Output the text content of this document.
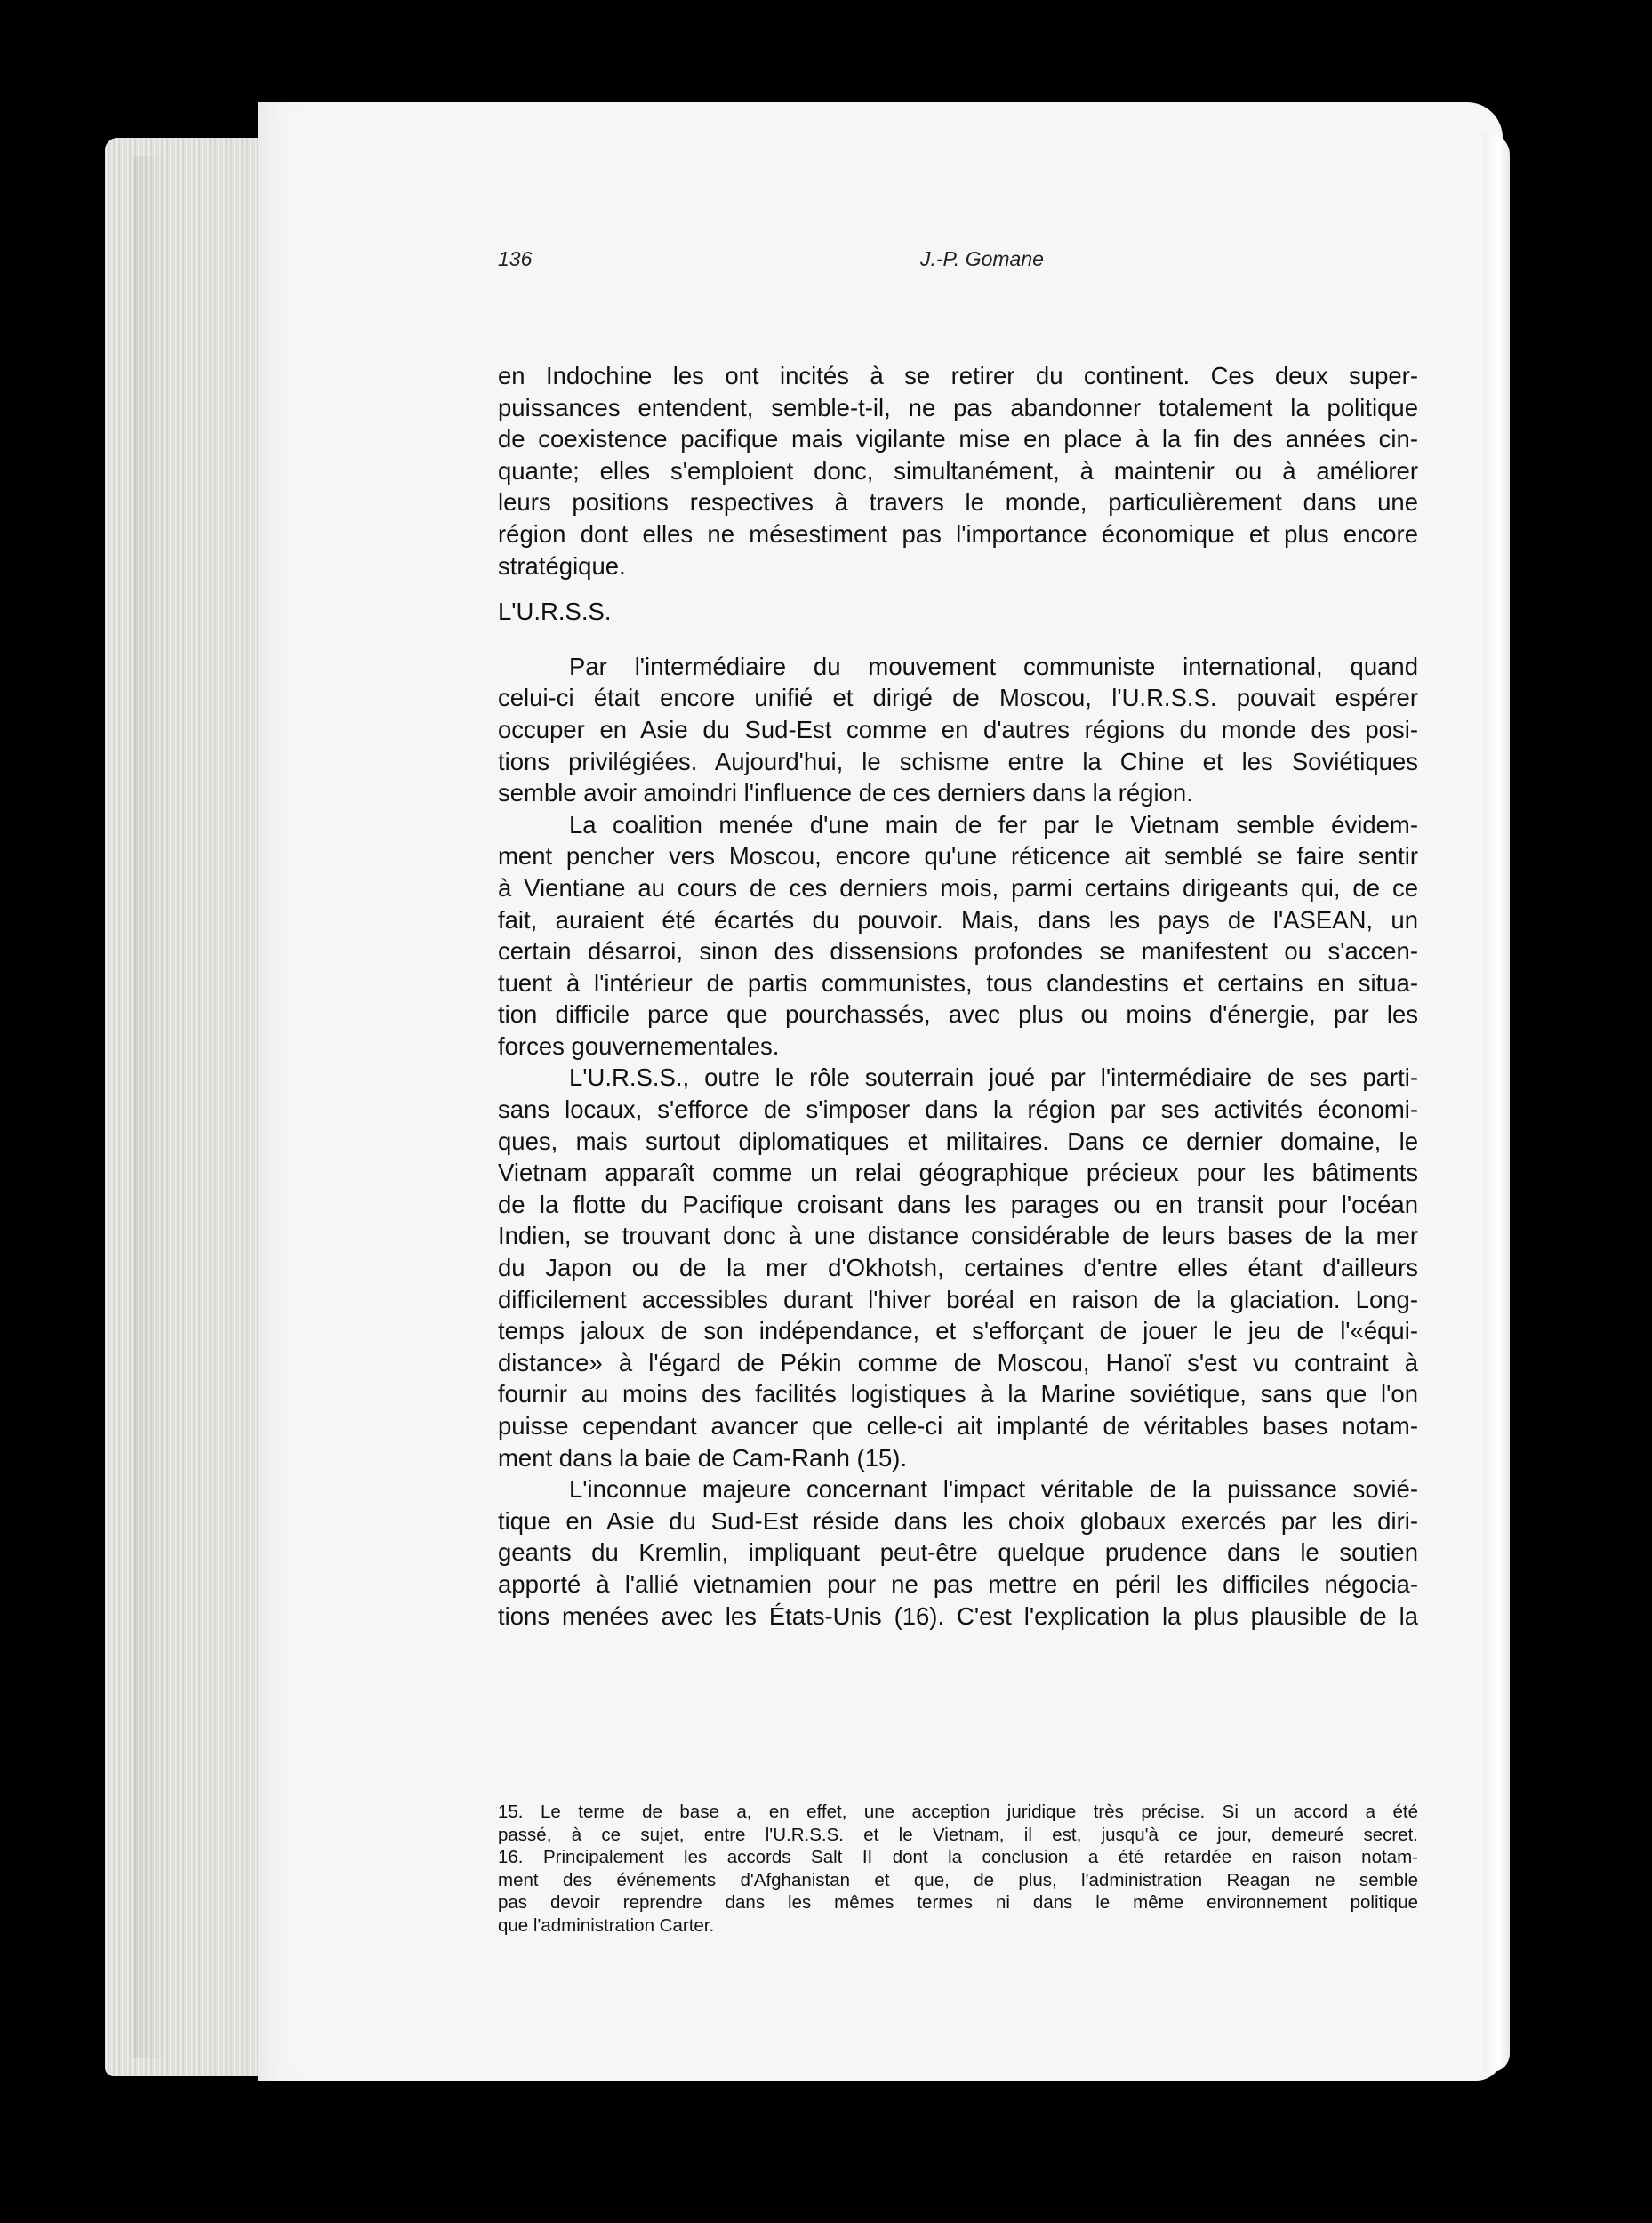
136	J.-P. Gomane
en Indochine les ont incités à se retirer du continent. Ces deux super-
puissances entendent, semble-t-il, ne pas abandonner totalement la politique
de coexistence pacifique mais vigilante mise en place à la fin des années cin-
quante; elles s'emploient donc, simultanément, à maintenir ou à améliorer
leurs positions respectives à travers le monde, particulièrement dans une
région dont elles ne mésestiment pas l'importance économique et plus encore
stratégique.
L'U.R.S.S.
Par l'intermédiaire du mouvement communiste international, quand
celui-ci était encore unifié et dirigé de Moscou, l'U.R.S.S. pouvait espérer
occuper en Asie du Sud-Est comme en d'autres régions du monde des posi-
tions privilégiées. Aujourd'hui, le schisme entre la Chine et les Soviétiques
semble avoir amoindri l'influence de ces derniers dans la région.
La coalition menée d'une main de fer par le Vietnam semble évidem-
ment pencher vers Moscou, encore qu'une réticence ait semblé se faire sentir
à Vientiane au cours de ces derniers mois, parmi certains dirigeants qui, de ce
fait, auraient été écartés du pouvoir. Mais, dans les pays de l'ASEAN, un
certain désarroi, sinon des dissensions profondes se manifestent ou s'accen-
tuent à l'intérieur de partis communistes, tous clandestins et certains en situa-
tion difficile parce que pourchassés, avec plus ou moins d'énergie, par les
forces gouvernementales.
L'U.R.S.S., outre le rôle souterrain joué par l'intermédiaire de ses parti-
sans locaux, s'efforce de s'imposer dans la région par ses activités économi-
ques, mais surtout diplomatiques et militaires. Dans ce dernier domaine, le
Vietnam apparaît comme un relai géographique précieux pour les bâtiments
de la flotte du Pacifique croisant dans les parages ou en transit pour l'océan
Indien, se trouvant donc à une distance considérable de leurs bases de la mer
du Japon ou de la mer d'Okhotsh, certaines d'entre elles étant d'ailleurs
difficilement accessibles durant l'hiver boréal en raison de la glaciation. Long-
temps jaloux de son indépendance, et s'efforçant de jouer le jeu de l'«équi-
distance» à l'égard de Pékin comme de Moscou, Hanoï s'est vu contraint à
fournir au moins des facilités logistiques à la Marine soviétique, sans que l'on
puisse cependant avancer que celle-ci ait implanté de véritables bases notam-
ment dans la baie de Cam-Ranh (15).
L'inconnue majeure concernant l'impact véritable de la puissance sovié-
tique en Asie du Sud-Est réside dans les choix globaux exercés par les diri-
geants du Kremlin, impliquant peut-être quelque prudence dans le soutien
apporté à l'allié vietnamien pour ne pas mettre en péril les difficiles négocia-
tions menées avec les États-Unis (16). C'est l'explication la plus plausible de la
15. Le terme de base a, en effet, une acception juridique très précise. Si un accord a été
passé, à ce sujet, entre l'U.R.S.S. et le Vietnam, il est, jusqu'à ce jour, demeuré secret.
16. Principalement les accords Salt II dont la conclusion a été retardée en raison notam-
ment des événements d'Afghanistan et que, de plus, l'administration Reagan ne semble
pas devoir reprendre dans les mêmes termes ni dans le même environnement politique
que l'administration Carter.
